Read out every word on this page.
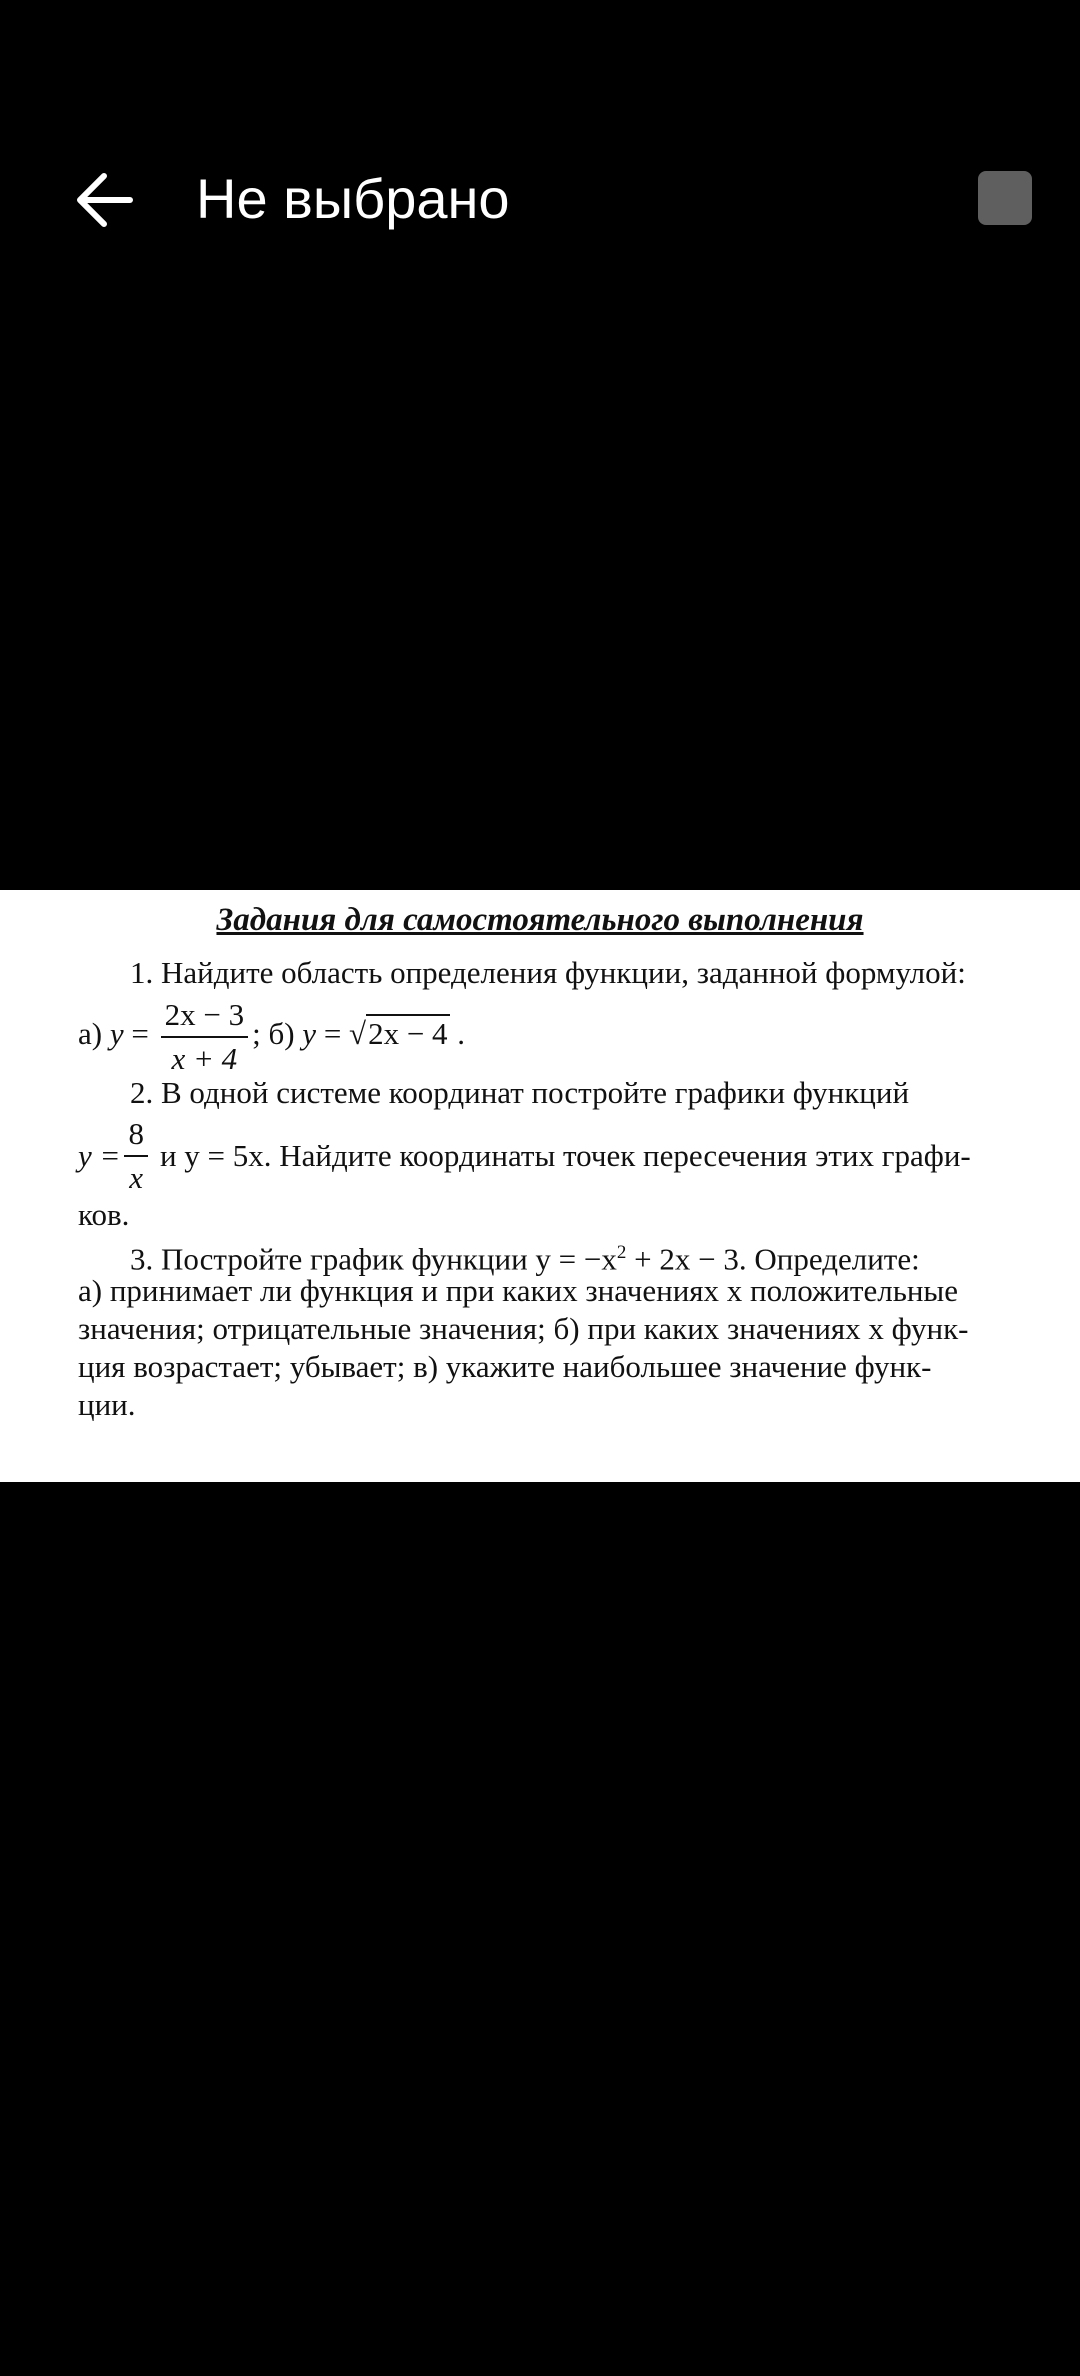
Не выбрано
Задания для самостоятельного выполнения
1. Найдите область определения функции, заданной формулой:
а) $y = \frac{2x - 3}{x + 4}$ ; б) y = √2x − 4 .
2. В одной системе координат постройте графики функций
$y = \frac{8}{x}$ и y = 5x. Найдите координаты точек пересечения этих графи-
ков.
3. Постройте график функции $y = -x^2 + 2x - 3$. Определите:
а) принимает ли функция и при каких значениях x положительные
значения; отрицательные значения; б) при каких значениях x функ-
ция возрастает; убывает; в) укажите наибольшее значение функ-
ции.
